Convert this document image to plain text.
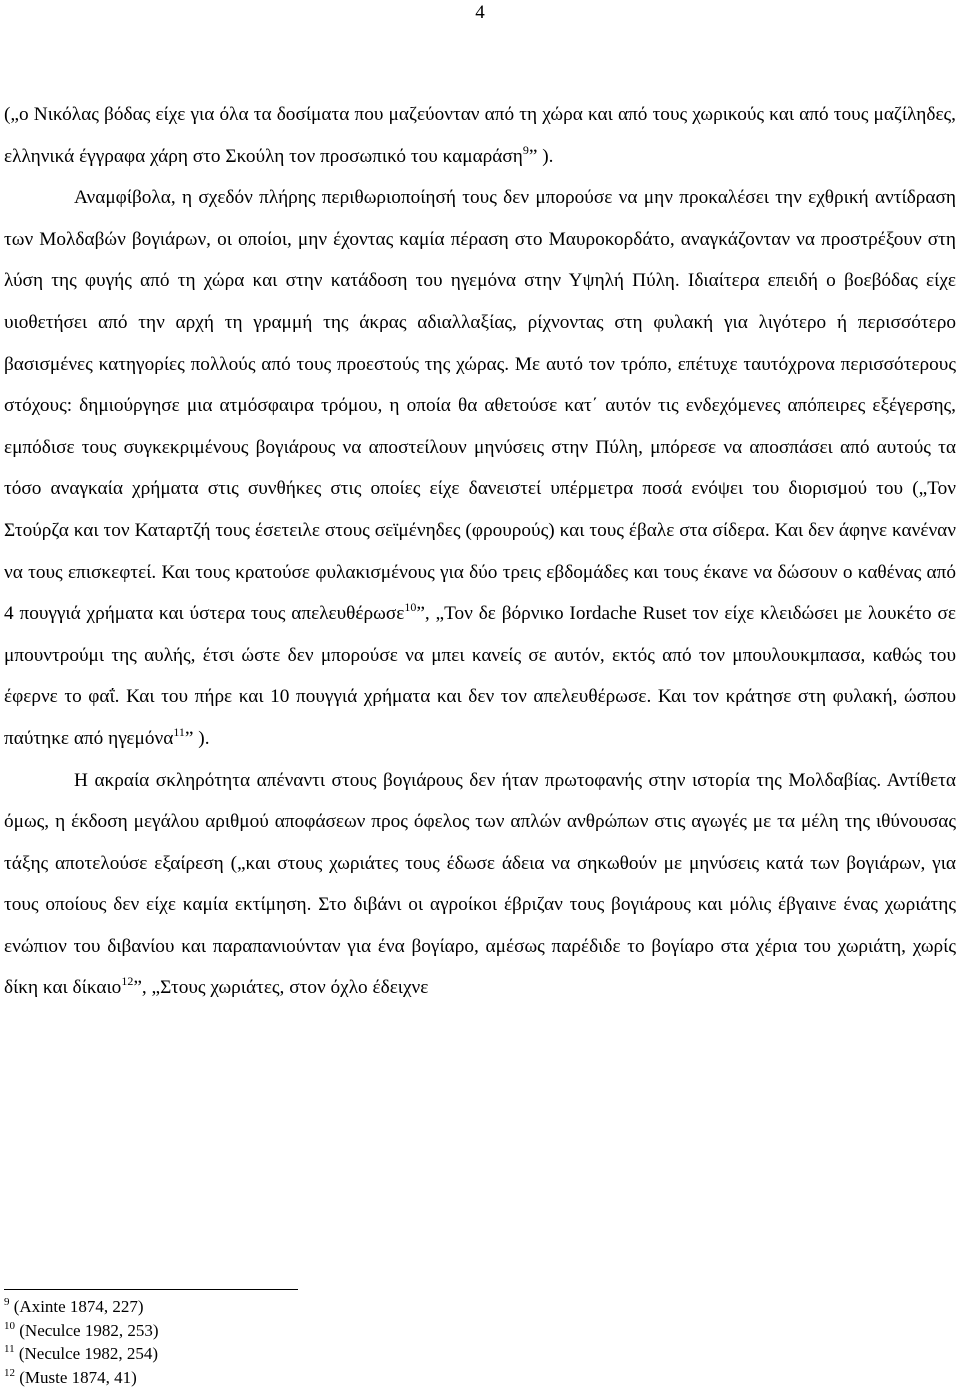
4

(„ο Νικόλας βόδας είχε για όλα τα δοσίματα που μαζεύονταν από τη χώρα και από τους χωρικούς και από τους μαζίληδες, ελληνικά έγγραφα χάρη στο Σκούλη τον προσωπικό του καμαράση$^9$” ).

Αναμφίβολα, η σχεδόν πλήρης περιθωριοποίησή τους δεν μπορούσε να μην προκαλέσει την εχθρική αντίδραση των Μολδαβών βογιάρων, οι οποίοι, μην έχοντας καμία πέραση στο Μαυροκορδάτο, αναγκάζονταν να προστρέξουν στη λύση της φυγής από τη χώρα και στην κατάδοση του ηγεμόνα στην Υψηλή Πύλη. Ιδιαίτερα επειδή ο βοεβόδας είχε υιοθετήσει από την αρχή τη γραμμή της άκρας αδιαλλαξίας, ρίχνοντας στη φυλακή για λιγότερο ή περισσότερο βασισμένες κατηγορίες πολλούς από τους προεστούς της χώρας. Με αυτό τον τρόπο, επέτυχε ταυτόχρονα περισσότερους στόχους: δημιούργησε μια ατμόσφαιρα τρόμου, η οποία θα αθετούσε κατ΄ αυτόν τις ενδεχόμενες απόπειρες εξέγερσης, εμπόδισε τους συγκεκριμένους βογιάρους να αποστείλουν μηνύσεις στην Πύλη, μπόρεσε να αποσπάσει από αυτούς τα τόσο αναγκαία χρήματα στις συνθήκες στις οποίες είχε δανειστεί υπέρμετρα ποσά ενόψει του διορισμού του („Τον Στούρζα και τον Καταρτζή τους έσετειλε στους σεϊμένηδες (φρουρούς) και τους έβαλε στα σίδερα. Και δεν άφηνε κανέναν να τους επισκεφτεί. Και τους κρατούσε φυλακισμένους για δύο τρεις εβδομάδες και τους έκανε να δώσουν ο καθένας από 4 πουγγιά χρήματα και ύστερα τους απελευθέρωσε$^{10}$”, „Τον δε βόρνικο Iordache Ruset τον είχε κλειδώσει με λουκέτο σε μπουντρούμι της αυλής, έτσι ώστε δεν μπορούσε να μπει κανείς σε αυτόν, εκτός από τον μπουλουκμπασα, καθώς του έφερνε το φαΐ. Και του πήρε και 10 πουγγιά χρήματα και δεν τον απελευθέρωσε. Και τον κράτησε στη φυλακή, ώσπου παύτηκε από ηγεμόνα$^{11}$” ).

Η ακραία σκληρότητα απέναντι στους βογιάρους δεν ήταν πρωτοφανής στην ιστορία της Μολδαβίας. Αντίθετα όμως, η έκδοση μεγάλου αριθμού αποφάσεων προς όφελος των απλών ανθρώπων στις αγωγές με τα μέλη της ιθύνουσας τάξης αποτελούσε εξαίρεση („και στους χωριάτες τους έδωσε άδεια να σηκωθούν με μηνύσεις κατά των βογιάρων, για τους οποίους δεν είχε καμία εκτίμηση. Στο διβάνι οι αγροίκοι έβριζαν τους βογιάρους και μόλις έβγαινε ένας χωριάτης ενώπιον του διβανίου και παραπανιούνταν για ένα βογίαρο, αμέσως παρέδιδε το βογίαρο στα χέρια του χωριάτη, χωρίς δίκη και δίκαιο$^{12}$”, „Στους χωριάτες, στον όχλο έδειχνε

$^9$ (Axinte 1874, 227)
$^{10}$ (Neculce 1982, 253)
$^{11}$ (Neculce 1982, 254)
$^{12}$ (Muste 1874, 41)
